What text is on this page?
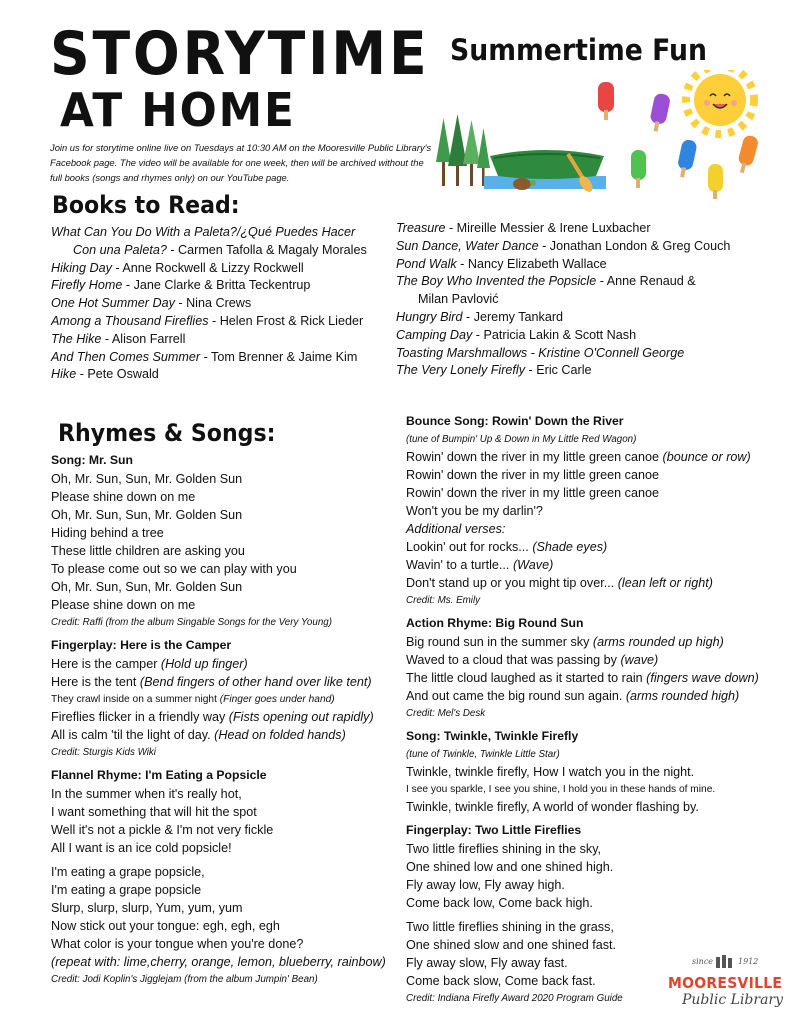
STORYTIME
AT HOME
Summertime Fun
Join us for storytime online live on Tuesdays at 10:30 AM on the Mooresville Public Library's Facebook page. The video will be available for one week, then will be archived without the full books (songs and rhymes only) on our YouTube page.
Books to Read:
What Can You Do With a Paleta?/¿Qué Puedes Hacer
Con una Paleta? - Carmen Tafolla & Magaly Morales
Hiking Day - Anne Rockwell & Lizzy Rockwell
Firefly Home - Jane Clarke & Britta Teckentrup
One Hot Summer Day - Nina Crews
Among a Thousand Fireflies - Helen Frost & Rick Lieder
The Hike - Alison Farrell
And Then Comes Summer - Tom Brenner & Jaime Kim
Hike - Pete Oswald
Treasure - Mireille Messier & Irene Luxbacher
Sun Dance, Water Dance - Jonathan London & Greg Couch
Pond Walk - Nancy Elizabeth Wallace
The Boy Who Invented the Popsicle - Anne Renaud &
Milan Pavlović
Hungry Bird - Jeremy Tankard
Camping Day - Patricia Lakin & Scott Nash
Toasting Marshmallows - Kristine O'Connell George
The Very Lonely Firefly - Eric Carle
Rhymes & Songs:
Song: Mr. Sun
Oh, Mr. Sun, Sun, Mr. Golden Sun
Please shine down on me
Oh, Mr. Sun, Sun, Mr. Golden Sun
Hiding behind a tree
These little children are asking you
To please come out so we can play with you
Oh, Mr. Sun, Sun, Mr. Golden Sun
Please shine down on me
Credit: Raffi (from the album Singable Songs for the Very Young)
Fingerplay: Here is the Camper
Here is the camper (Hold up finger)
Here is the tent (Bend fingers of other hand over like tent)
They crawl inside on a summer night (Finger goes under hand)
Fireflies flicker in a friendly way (Fists opening out rapidly)
All is calm 'til the light of day. (Head on folded hands)
Credit: Sturgis Kids Wiki
Flannel Rhyme: I'm Eating a Popsicle
In the summer when it's really hot,
I want something that will hit the spot
Well it's not a pickle & I'm not very fickle
All I want is an ice cold popsicle!
I'm eating a grape popsicle,
I'm eating a grape popsicle
Slurp, slurp, slurp, Yum, yum, yum
Now stick out your tongue: egh, egh, egh
What color is your tongue when you're done?
(repeat with: lime,cherry, orange, lemon, blueberry, rainbow)
Credit: Jodi Koplin's Jigglejam (from the album Jumpin' Bean)
Bounce Song: Rowin' Down the River
(tune of Bumpin' Up & Down in My Little Red Wagon)
Rowin' down the river in my little green canoe (bounce or row)
Rowin' down the river in my little green canoe
Rowin' down the river in my little green canoe
Won't you be my darlin'?
Additional verses:
Lookin' out for rocks... (Shade eyes)
Wavin' to a turtle... (Wave)
Don't stand up or you might tip over... (lean left or right)
Credit: Ms. Emily
Action Rhyme: Big Round Sun
Big round sun in the summer sky (arms rounded up high)
Waved to a cloud that was passing by (wave)
The little cloud laughed as it started to rain (fingers wave down)
And out came the big round sun again. (arms rounded high)
Credit: Mel's Desk
Song: Twinkle, Twinkle Firefly
(tune of Twinkle, Twinkle Little Star)
Twinkle, twinkle firefly, How I watch you in the night.
I see you sparkle, I see you shine, I hold you in these hands of mine.
Twinkle, twinkle firefly, A world of wonder flashing by.
Fingerplay: Two Little Fireflies
Two little fireflies shining in the sky,
One shined low and one shined high.
Fly away low, Fly away high.
Come back low, Come back high.
Two little fireflies shining in the grass,
One shined slow and one shined fast.
Fly away slow, Fly away fast.
Come back slow, Come back fast.
Credit: Indiana Firefly Award 2020 Program Guide
since	1912
MOORESVILLE
Public Library
